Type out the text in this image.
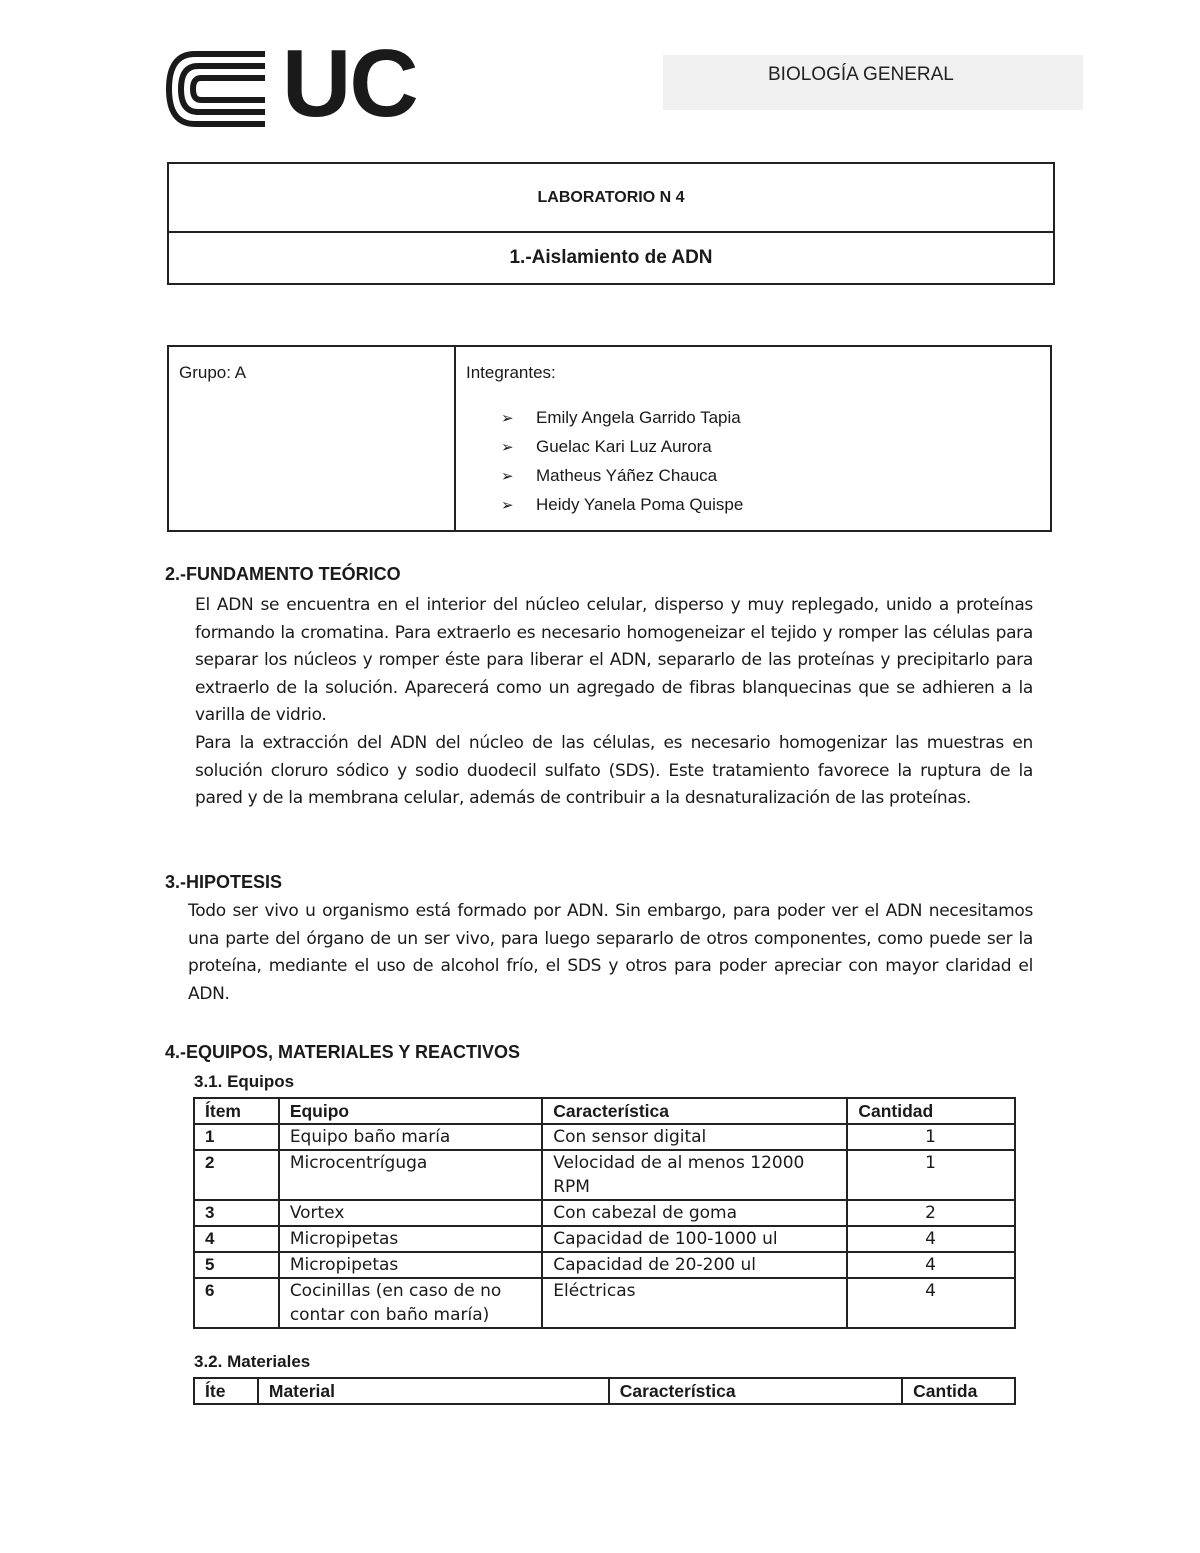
UC	BIOLOGÍA GENERAL
LABORATORIO N 4
1.-Aislamiento de ADN
Grupo: A	Integrantes:
➢	Emily Angela Garrido Tapia
➢	Guelac Kari Luz Aurora
➢	Matheus Yáñez Chauca
➢	Heidy Yanela Poma Quispe
2.-FUNDAMENTO TEÓRICO
El ADN se encuentra en el interior del núcleo celular, disperso y muy replegado, unido a proteínas formando la cromatina. Para extraerlo es necesario homogeneizar el tejido y romper las células para separar los núcleos y romper éste para liberar el ADN, separarlo de las proteínas y precipitarlo para extraerlo de la solución. Aparecerá como un agregado de fibras blanquecinas que se adhieren a la varilla de vidrio.
Para la extracción del ADN del núcleo de las células, es necesario homogenizar las muestras en solución cloruro sódico y sodio duodecil sulfato (SDS). Este tratamiento favorece la ruptura de la pared y de la membrana celular, además de contribuir a la desnaturalización de las proteínas.
3.-HIPOTESIS
Todo ser vivo u organismo está formado por ADN. Sin embargo, para poder ver el ADN necesitamos una parte del órgano de un ser vivo, para luego separarlo de otros componentes, como puede ser la proteína, mediante el uso de alcohol frío, el SDS y otros para poder apreciar con mayor claridad el ADN.
4.-EQUIPOS, MATERIALES Y REACTIVOS
3.1. Equipos
Ítem	Equipo	Característica	Cantidad
1	Equipo baño maría	Con sensor digital	1
2	Microcentríguga	Velocidad de al menos 12000 RPM	1
3	Vortex	Con cabezal de goma	2
4	Micropipetas	Capacidad de 100-1000 ul	4
5	Micropipetas	Capacidad de 20-200 ul	4
6	Cocinillas (en caso de no contar con baño maría)	Eléctricas	4
3.2. Materiales
Íte	Material	Característica	Cantida
